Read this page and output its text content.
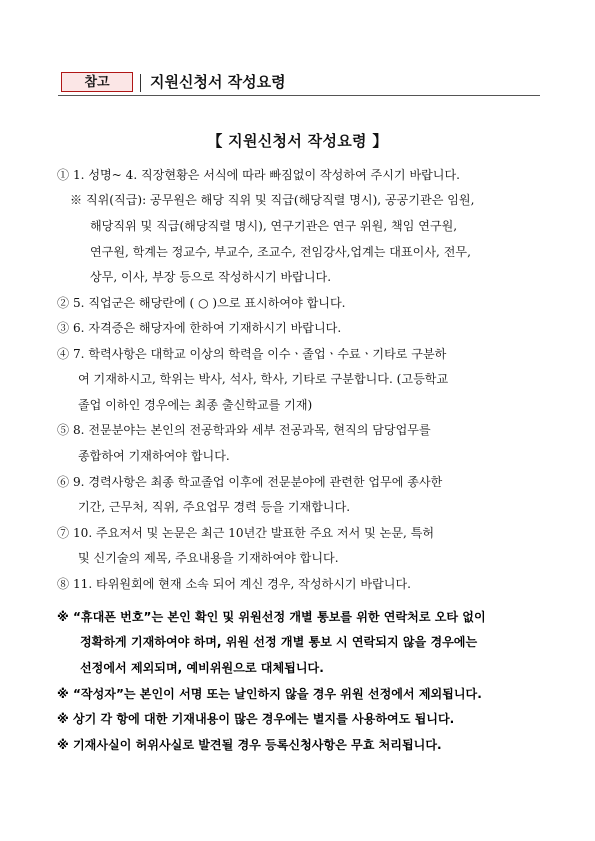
참고	지원신청서 작성요령
【 지원신청서 작성요령 】
① 1. 성명~ 4. 직장현황은 서식에 따라 빠짐없이 작성하여 주시기 바랍니다.
※ 직위(직급): 공무원은 해당 직위 및 직급(해당직렬 명시), 공공기관은 임원,
해당직위 및 직급(해당직렬 명시), 연구기관은 연구 위원, 책임 연구원,
연구원, 학계는 정교수, 부교수, 조교수, 전임강사,업계는 대표이사, 전무,
상무, 이사, 부장 등으로 작성하시기 바랍니다.
② 5. 직업군은 해당란에 ( ○ )으로 표시하여야 합니다.
③ 6. 자격증은 해당자에 한하여 기재하시기 바랍니다.
④ 7. 학력사항은 대학교 이상의 학력을 이수ㆍ졸업ㆍ수료ㆍ기타로 구분하
여 기재하시고, 학위는 박사, 석사, 학사, 기타로 구분합니다. (고등학교
졸업 이하인 경우에는 최종 출신학교를 기재)
⑤ 8. 전문분야는 본인의 전공학과와 세부 전공과목, 현직의 담당업무를
종합하여 기재하여야 합니다.
⑥ 9. 경력사항은 최종 학교졸업 이후에 전문분야에 관련한 업무에 종사한
기간, 근무처, 직위, 주요업무 경력 등을 기재합니다.
⑦ 10. 주요저서 및 논문은 최근 10년간 발표한 주요 저서 및 논문, 특허
및 신기술의 제목, 주요내용을 기재하여야 합니다.
⑧ 11. 타위원회에 현재 소속 되어 계신 경우, 작성하시기 바랍니다.
※ “휴대폰 번호”는 본인 확인 및 위원선정 개별 통보를 위한 연락처로 오타 없이
정확하게 기재하여야 하며, 위원 선정 개별 통보 시 연락되지 않을 경우에는
선정에서 제외되며, 예비위원으로 대체됩니다.
※ “작성자”는 본인이 서명 또는 날인하지 않을 경우 위원 선정에서 제외됩니다.
※ 상기 각 항에 대한 기재내용이 많은 경우에는 별지를 사용하여도 됩니다.
※ 기재사실이 허위사실로 발견될 경우 등록신청사항은 무효 처리됩니다.
